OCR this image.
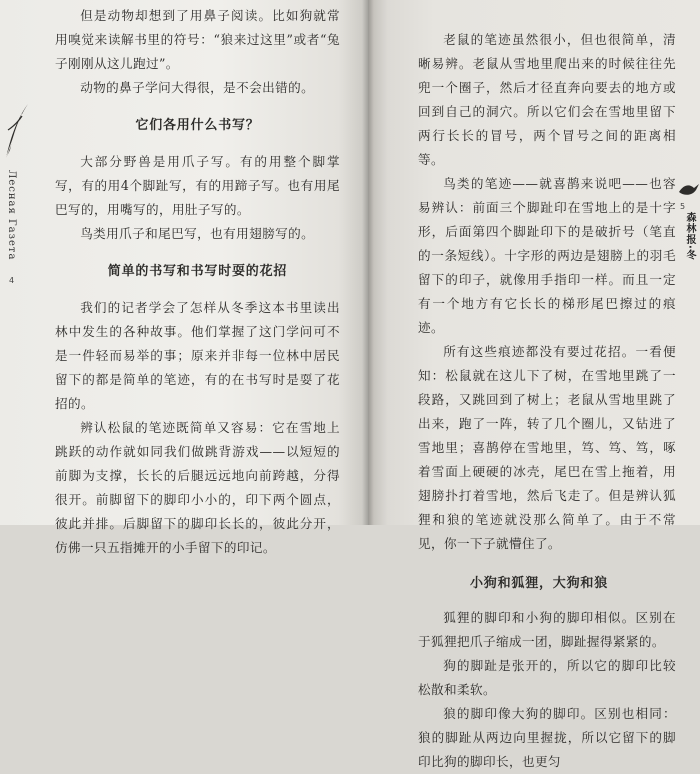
Лесная Газета
4

但是动物却想到了用鼻子阅读。比如狗就常用嗅觉来读解书里的符号：“狼来过这里”或者“兔子刚刚从这儿跑过”。

动物的鼻子学问大得很，是不会出错的。

它们各用什么书写？

大部分野兽是用爪子写。有的用整个脚掌写，有的用4个脚趾写，有的用蹄子写。也有用尾巴写的，用嘴写的，用肚子写的。

鸟类用爪子和尾巴写，也有用翅膀写的。

简单的书写和书写时耍的花招

我们的记者学会了怎样从冬季这本书里读出林中发生的各种故事。他们掌握了这门学问可不是一件轻而易举的事；原来并非每一位林中居民留下的都是简单的笔迹，有的在书写时是耍了花招的。

辨认松鼠的笔迹既简单又容易：它在雪地上跳跃的动作就如同我们做跳背游戏——以短短的前脚为支撑，长长的后腿远远地向前跨越，分得很开。前脚留下的脚印小小的，印下两个圆点，彼此并排。后脚留下的脚印长长的，彼此分开，仿佛一只五指摊开的小手留下的印记。

老鼠的笔迹虽然很小，但也很简单，清晰易辨。老鼠从雪地里爬出来的时候往往先兜一个圈子，然后才径直奔向要去的地方或回到自己的洞穴。所以它们会在雪地里留下两行长长的冒号，两个冒号之间的距离相等。

鸟类的笔迹——就喜鹊来说吧——也容易辨认：前面三个脚趾印在雪地上的是十字形，后面第四个脚趾印下的是破折号（笔直的一条短线）。十字形的两边是翅膀上的羽毛留下的印子，就像用手指印一样。而且一定有一个地方有它长长的梯形尾巴擦过的痕迹。

所有这些痕迹都没有要过花招。一看便知：松鼠就在这儿下了树，在雪地里跳了一段路，又跳回到了树上；老鼠从雪地里跳了出来，跑了一阵，转了几个圈儿，又钻进了雪地里；喜鹊停在雪地里，笃、笃、笃，啄着雪面上硬硬的冰壳，尾巴在雪上拖着，用翅膀扑打着雪地，然后飞走了。但是辨认狐狸和狼的笔迹就没那么简单了。由于不常见，你一下子就懵住了。

小狗和狐狸，大狗和狼

狐狸的脚印和小狗的脚印相似。区别在于狐狸把爪子缩成一团，脚趾握得紧紧的。

狗的脚趾是张开的，所以它的脚印比较松散和柔软。

狼的脚印像大狗的脚印。区别也相同：狼的脚趾从两边向里握拢，所以它留下的脚印比狗的脚印长，也更匀

5
森林报·冬
